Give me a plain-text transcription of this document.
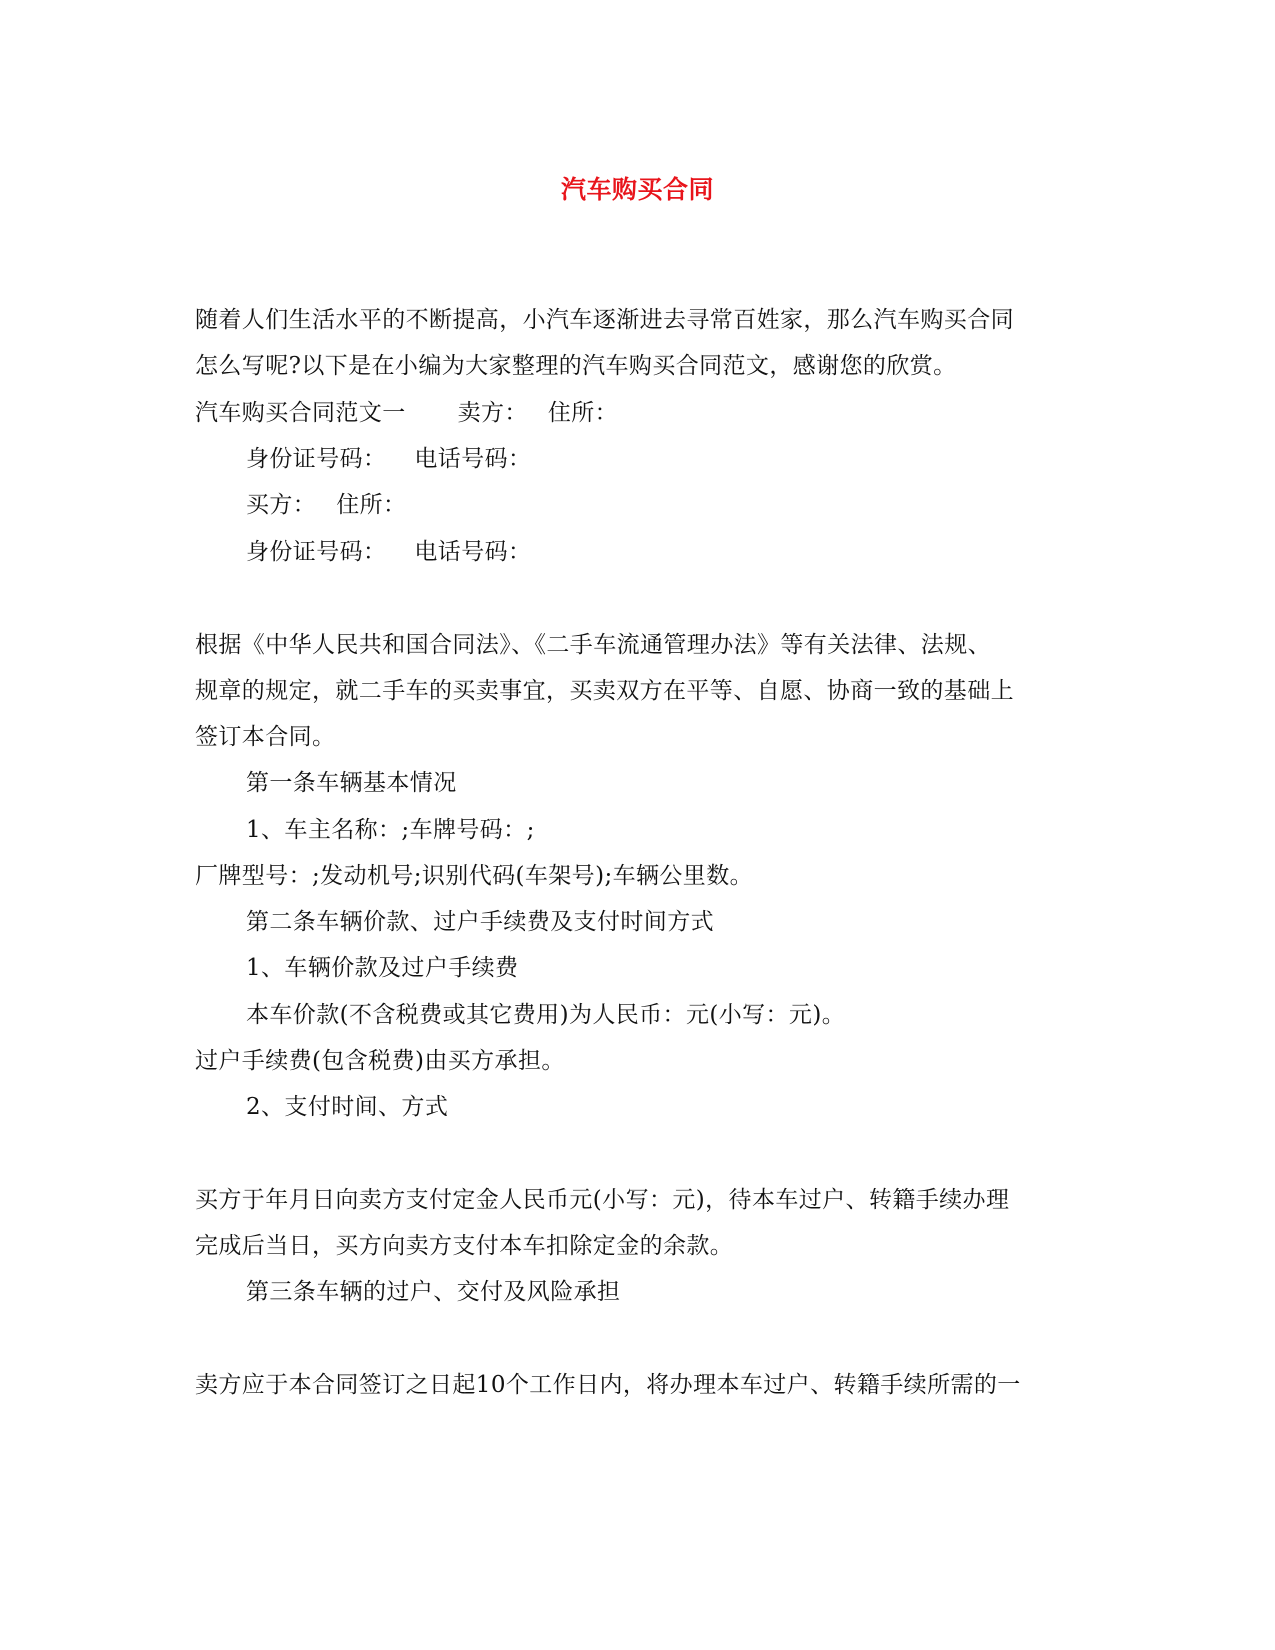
汽车购买合同
随着人们生活水平的不断提高，小汽车逐渐进去寻常百姓家，那么汽车购买合同
怎么写呢?以下是在小编为大家整理的汽车购买合同范文，感谢您的欣赏。
汽车购买合同范文一 卖方： 住所：
身份证号码： 电话号码：
买方： 住所：
身份证号码： 电话号码：
根据《中华人民共和国合同法》、《二手车流通管理办法》等有关法律、法规、
规章的规定，就二手车的买卖事宜，买卖双方在平等、自愿、协商一致的基础上
签订本合同。
第一条车辆基本情况
1、车主名称：;车牌号码：;
厂牌型号：;发动机号;识别代码(车架号);车辆公里数。
第二条车辆价款、过户手续费及支付时间方式
1、车辆价款及过户手续费
本车价款(不含税费或其它费用)为人民币：元(小写：元)。
过户手续费(包含税费)由买方承担。
2、支付时间、方式
买方于年月日向卖方支付定金人民币元(小写：元)，待本车过户、转籍手续办理
完成后当日，买方向卖方支付本车扣除定金的余款。
第三条车辆的过户、交付及风险承担
卖方应于本合同签订之日起10个工作日内，将办理本车过户、转籍手续所需的一
